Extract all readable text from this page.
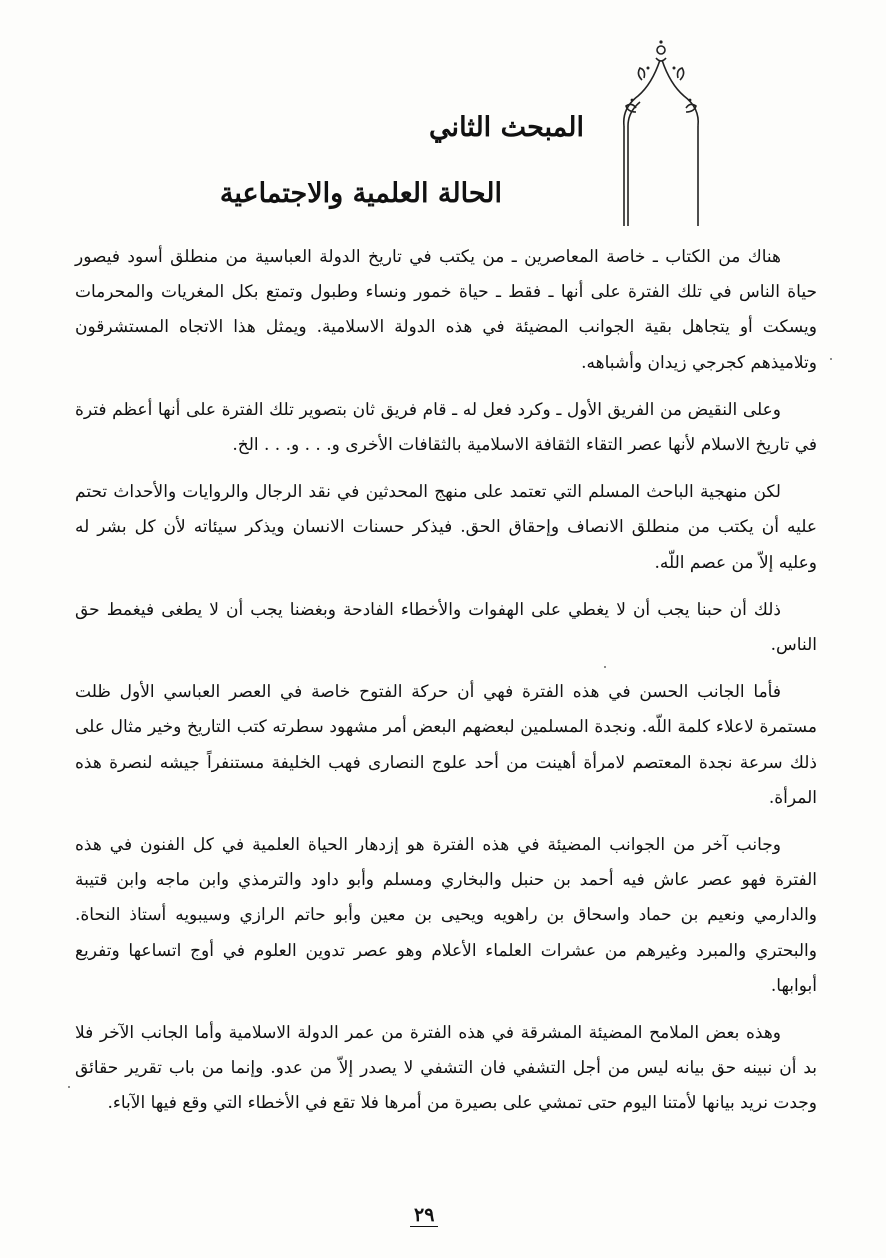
المبحث الثاني
الحالة العلمية والاجتماعية

هناك من الكتاب ـ خاصة المعاصرين ـ من يكتب في تاريخ الدولة العباسية من منطلق أسود فيصور حياة الناس في تلك الفترة على أنها ـ فقط ـ حياة خمور ونساء وطبول وتمتع بكل المغريات والمحرمات ويسكت أو يتجاهل بقية الجوانب المضيئة في هذه الدولة الاسلامية. ويمثل هذا الاتجاه المستشرقون وتلاميذهم كجرجي زيدان وأشباهه.

وعلى النقيض من الفريق الأول ـ وكرد فعل له ـ قام فريق ثان بتصوير تلك الفترة على أنها أعظم فترة في تاريخ الاسلام لأنها عصر التقاء الثقافة الاسلامية بالثقافات الأخرى و. . . و. . . الخ.

لكن منهجية الباحث المسلم التي تعتمد على منهج المحدثين في نقد الرجال والروايات والأحداث تحتم عليه أن يكتب من منطلق الانصاف وإحقاق الحق. فيذكر حسنات الانسان ويذكر سيئاته لأن كل بشر له وعليه إلاّ من عصم اللّه.

ذلك أن حبنا يجب أن لا يغطي على الهفوات والأخطاء الفادحة وبغضنا يجب أن لا يطغى فيغمط حق الناس.

فأما الجانب الحسن في هذه الفترة فهي أن حركة الفتوح خاصة في العصر العباسي الأول ظلت مستمرة لاعلاء كلمة اللّه. ونجدة المسلمين لبعضهم البعض أمر مشهود سطرته كتب التاريخ وخير مثال على ذلك سرعة نجدة المعتصم لامرأة أهينت من أحد علوج النصارى فهب الخليفة مستنفراً جيشه لنصرة هذه المرأة.

وجانب آخر من الجوانب المضيئة في هذه الفترة هو إزدهار الحياة العلمية في كل الفنون في هذه الفترة فهو عصر عاش فيه أحمد بن حنبل والبخاري ومسلم وأبو داود والترمذي وابن ماجه وابن قتيبة والدارمي ونعيم بن حماد واسحاق بن راهويه ويحيى بن معين وأبو حاتم الرازي وسيبويه أستاذ النحاة. والبحتري والمبرد وغيرهم من عشرات العلماء الأعلام وهو عصر تدوين العلوم في أوج اتساعها وتفريع أبوابها.

وهذه بعض الملامح المضيئة المشرقة في هذه الفترة من عمر الدولة الاسلامية وأما الجانب الآخر فلا بد أن نبينه حق بيانه ليس من أجل التشفي فان التشفي لا يصدر إلاّ من عدو. وإنما من باب تقرير حقائق وجدت نريد بيانها لأمتنا اليوم حتى تمشي على بصيرة من أمرها فلا تقع في الأخطاء التي وقع فيها الآباء.

٢٩
